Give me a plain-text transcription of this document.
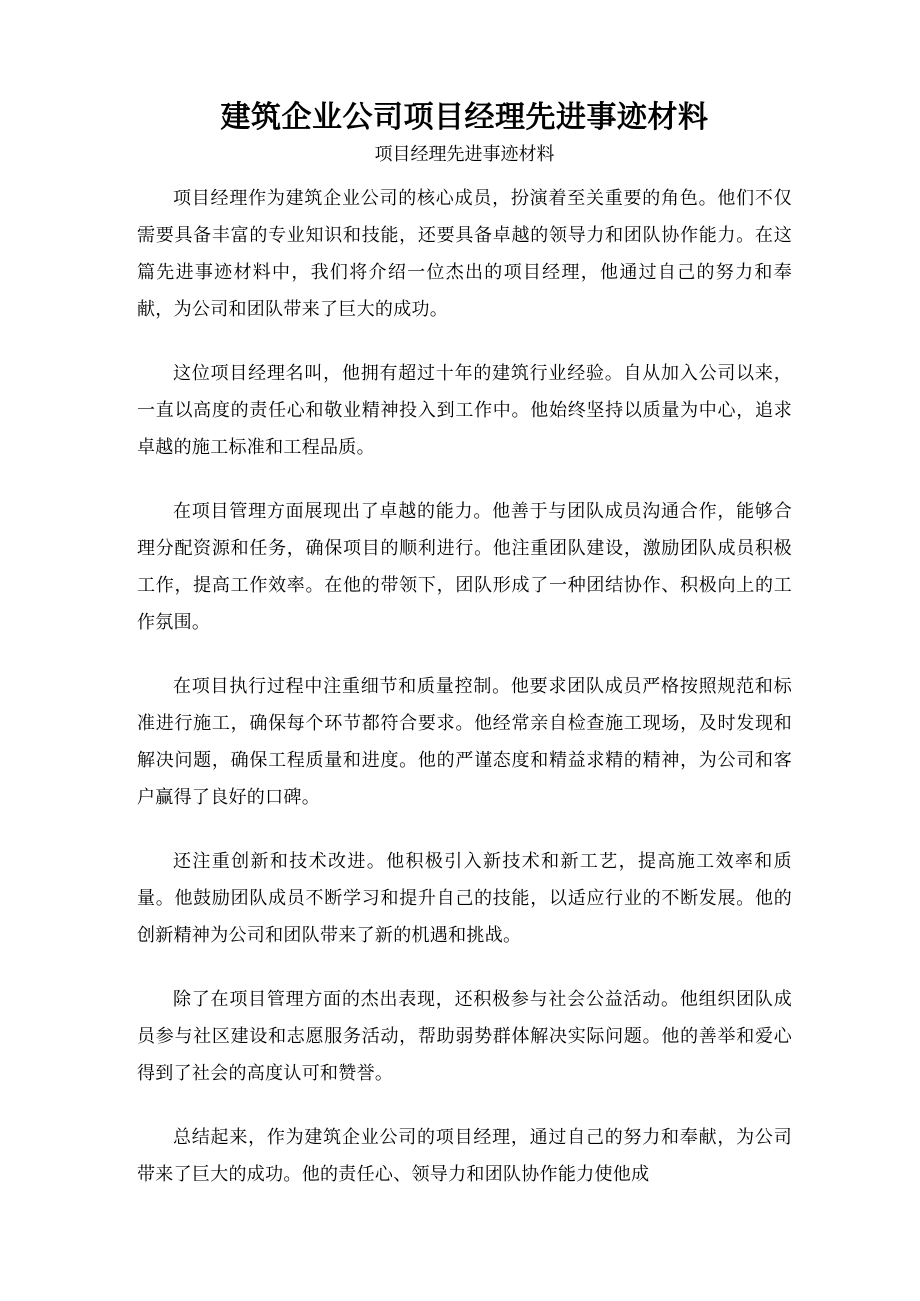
建筑企业公司项目经理先进事迹材料
项目经理先进事迹材料

项目经理作为建筑企业公司的核心成员，扮演着至关重要的角色。他们不仅需要具备丰富的专业知识和技能，还要具备卓越的领导力和团队协作能力。在这篇先进事迹材料中，我们将介绍一位杰出的项目经理，他通过自己的努力和奉献，为公司和团队带来了巨大的成功。

这位项目经理名叫，他拥有超过十年的建筑行业经验。自从加入公司以来，一直以高度的责任心和敬业精神投入到工作中。他始终坚持以质量为中心，追求卓越的施工标准和工程品质。

在项目管理方面展现出了卓越的能力。他善于与团队成员沟通合作，能够合理分配资源和任务，确保项目的顺利进行。他注重团队建设，激励团队成员积极工作，提高工作效率。在他的带领下，团队形成了一种团结协作、积极向上的工作氛围。

在项目执行过程中注重细节和质量控制。他要求团队成员严格按照规范和标准进行施工，确保每个环节都符合要求。他经常亲自检查施工现场，及时发现和解决问题，确保工程质量和进度。他的严谨态度和精益求精的精神，为公司和客户赢得了良好的口碑。

还注重创新和技术改进。他积极引入新技术和新工艺，提高施工效率和质量。他鼓励团队成员不断学习和提升自己的技能，以适应行业的不断发展。他的创新精神为公司和团队带来了新的机遇和挑战。

除了在项目管理方面的杰出表现，还积极参与社会公益活动。他组织团队成员参与社区建设和志愿服务活动，帮助弱势群体解决实际问题。他的善举和爱心得到了社会的高度认可和赞誉。

总结起来，作为建筑企业公司的项目经理，通过自己的努力和奉献，为公司带来了巨大的成功。他的责任心、领导力和团队协作能力使他成
